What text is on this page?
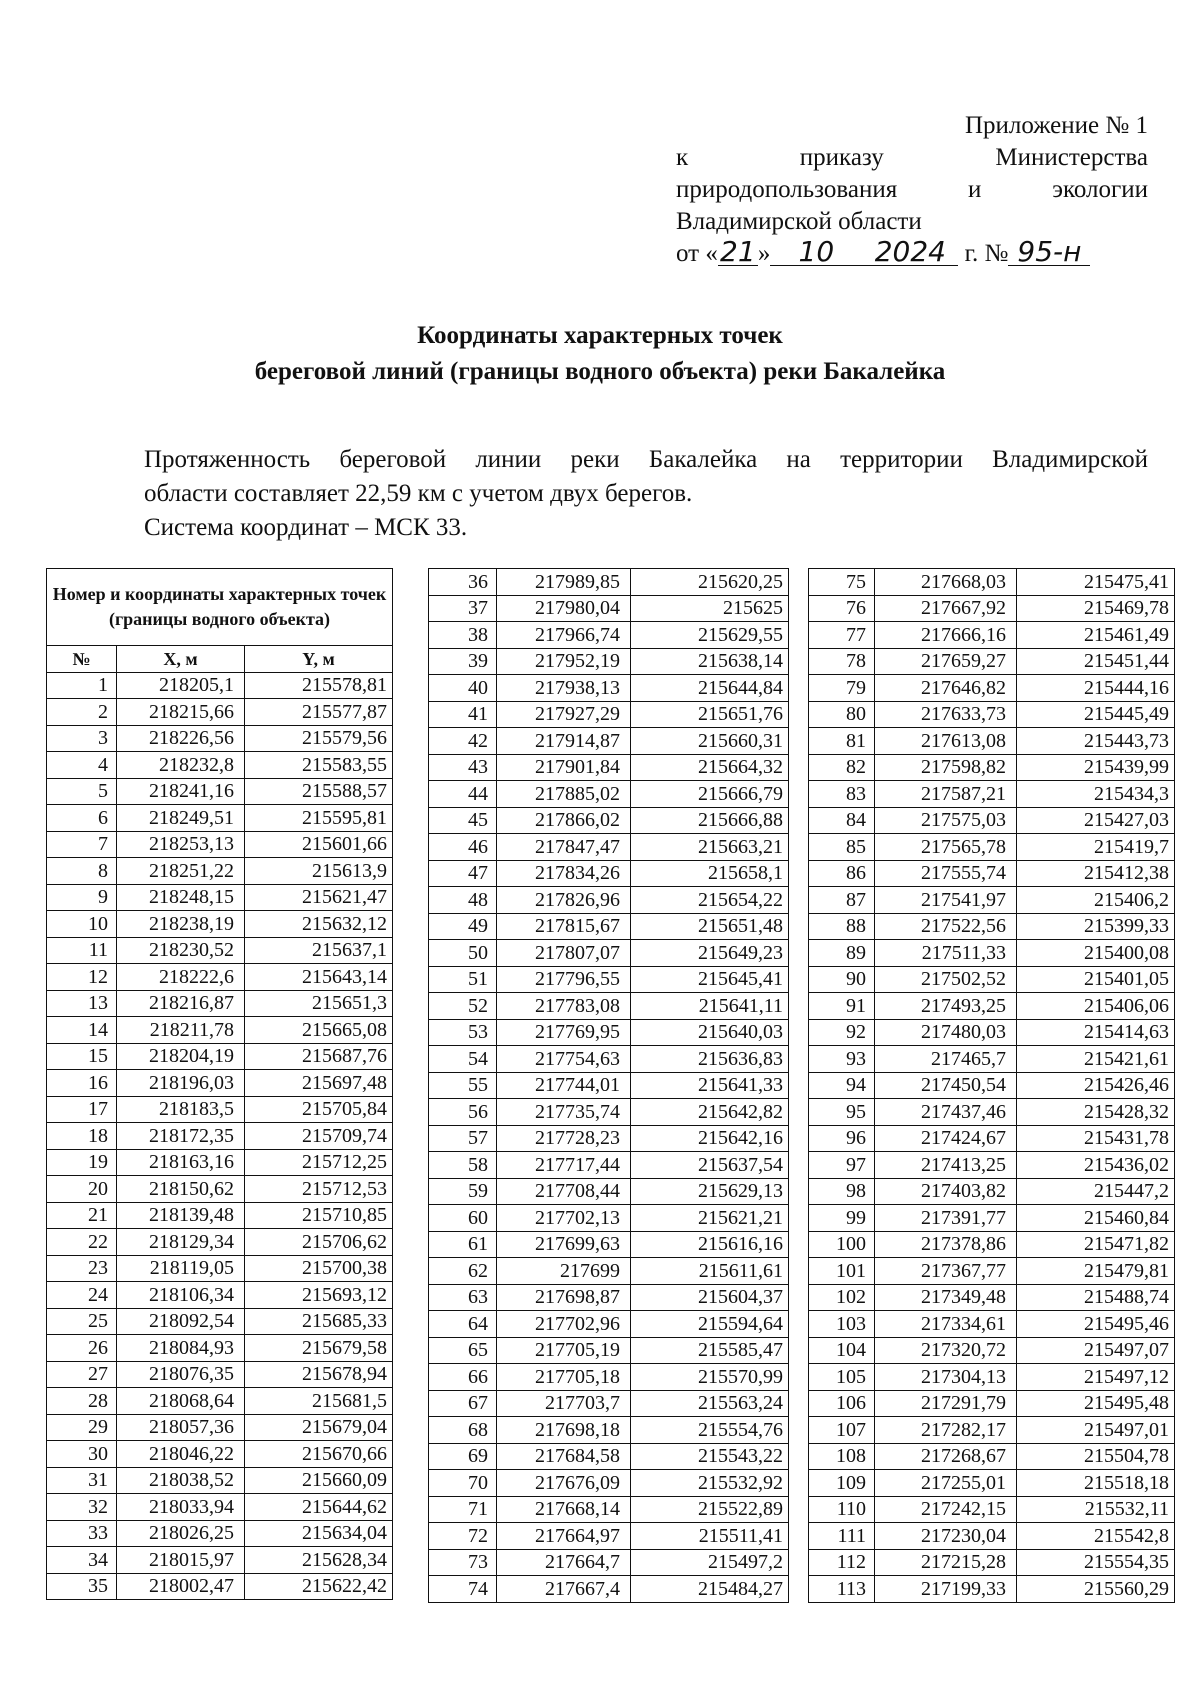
Приложение № 1
к	приказу	Министерства
природопользования	и	экологии
Владимирской области
от «21» 10 2024 г. № 95-н
Координаты характерных точек
береговой линий (границы водного объекта) реки Бакалейка
Протяженность береговой линии реки Бакалейка на территории Владимирской
области составляет 22,59 км с учетом двух берегов.
Система координат – МСК 33.
Номер и координаты характерных точек (границы водного объекта)		
№	X, м	Y, м
1	218205,1	215578,81
2	218215,66	215577,87
3	218226,56	215579,56
4	218232,8	215583,55
5	218241,16	215588,57
6	218249,51	215595,81
7	218253,13	215601,66
8	218251,22	215613,9
9	218248,15	215621,47
10	218238,19	215632,12
11	218230,52	215637,1
12	218222,6	215643,14
13	218216,87	215651,3
14	218211,78	215665,08
15	218204,19	215687,76
16	218196,03	215697,48
17	218183,5	215705,84
18	218172,35	215709,74
19	218163,16	215712,25
20	218150,62	215712,53
21	218139,48	215710,85
22	218129,34	215706,62
23	218119,05	215700,38
24	218106,34	215693,12
25	218092,54	215685,33
26	218084,93	215679,58
27	218076,35	215678,94
28	218068,64	215681,5
29	218057,36	215679,04
30	218046,22	215670,66
31	218038,52	215660,09
32	218033,94	215644,62
33	218026,25	215634,04
34	218015,97	215628,34
35	218002,47	215622,42
36	217989,85	215620,25
37	217980,04	215625
38	217966,74	215629,55
39	217952,19	215638,14
40	217938,13	215644,84
41	217927,29	215651,76
42	217914,87	215660,31
43	217901,84	215664,32
44	217885,02	215666,79
45	217866,02	215666,88
46	217847,47	215663,21
47	217834,26	215658,1
48	217826,96	215654,22
49	217815,67	215651,48
50	217807,07	215649,23
51	217796,55	215645,41
52	217783,08	215641,11
53	217769,95	215640,03
54	217754,63	215636,83
55	217744,01	215641,33
56	217735,74	215642,82
57	217728,23	215642,16
58	217717,44	215637,54
59	217708,44	215629,13
60	217702,13	215621,21
61	217699,63	215616,16
62	217699	215611,61
63	217698,87	215604,37
64	217702,96	215594,64
65	217705,19	215585,47
66	217705,18	215570,99
67	217703,7	215563,24
68	217698,18	215554,76
69	217684,58	215543,22
70	217676,09	215532,92
71	217668,14	215522,89
72	217664,97	215511,41
73	217664,7	215497,2
74	217667,4	215484,27
75	217668,03	215475,41
76	217667,92	215469,78
77	217666,16	215461,49
78	217659,27	215451,44
79	217646,82	215444,16
80	217633,73	215445,49
81	217613,08	215443,73
82	217598,82	215439,99
83	217587,21	215434,3
84	217575,03	215427,03
85	217565,78	215419,7
86	217555,74	215412,38
87	217541,97	215406,2
88	217522,56	215399,33
89	217511,33	215400,08
90	217502,52	215401,05
91	217493,25	215406,06
92	217480,03	215414,63
93	217465,7	215421,61
94	217450,54	215426,46
95	217437,46	215428,32
96	217424,67	215431,78
97	217413,25	215436,02
98	217403,82	215447,2
99	217391,77	215460,84
100	217378,86	215471,82
101	217367,77	215479,81
102	217349,48	215488,74
103	217334,61	215495,46
104	217320,72	215497,07
105	217304,13	215497,12
106	217291,79	215495,48
107	217282,17	215497,01
108	217268,67	215504,78
109	217255,01	215518,18
110	217242,15	215532,11
111	217230,04	215542,8
112	217215,28	215554,35
113	217199,33	215560,29
